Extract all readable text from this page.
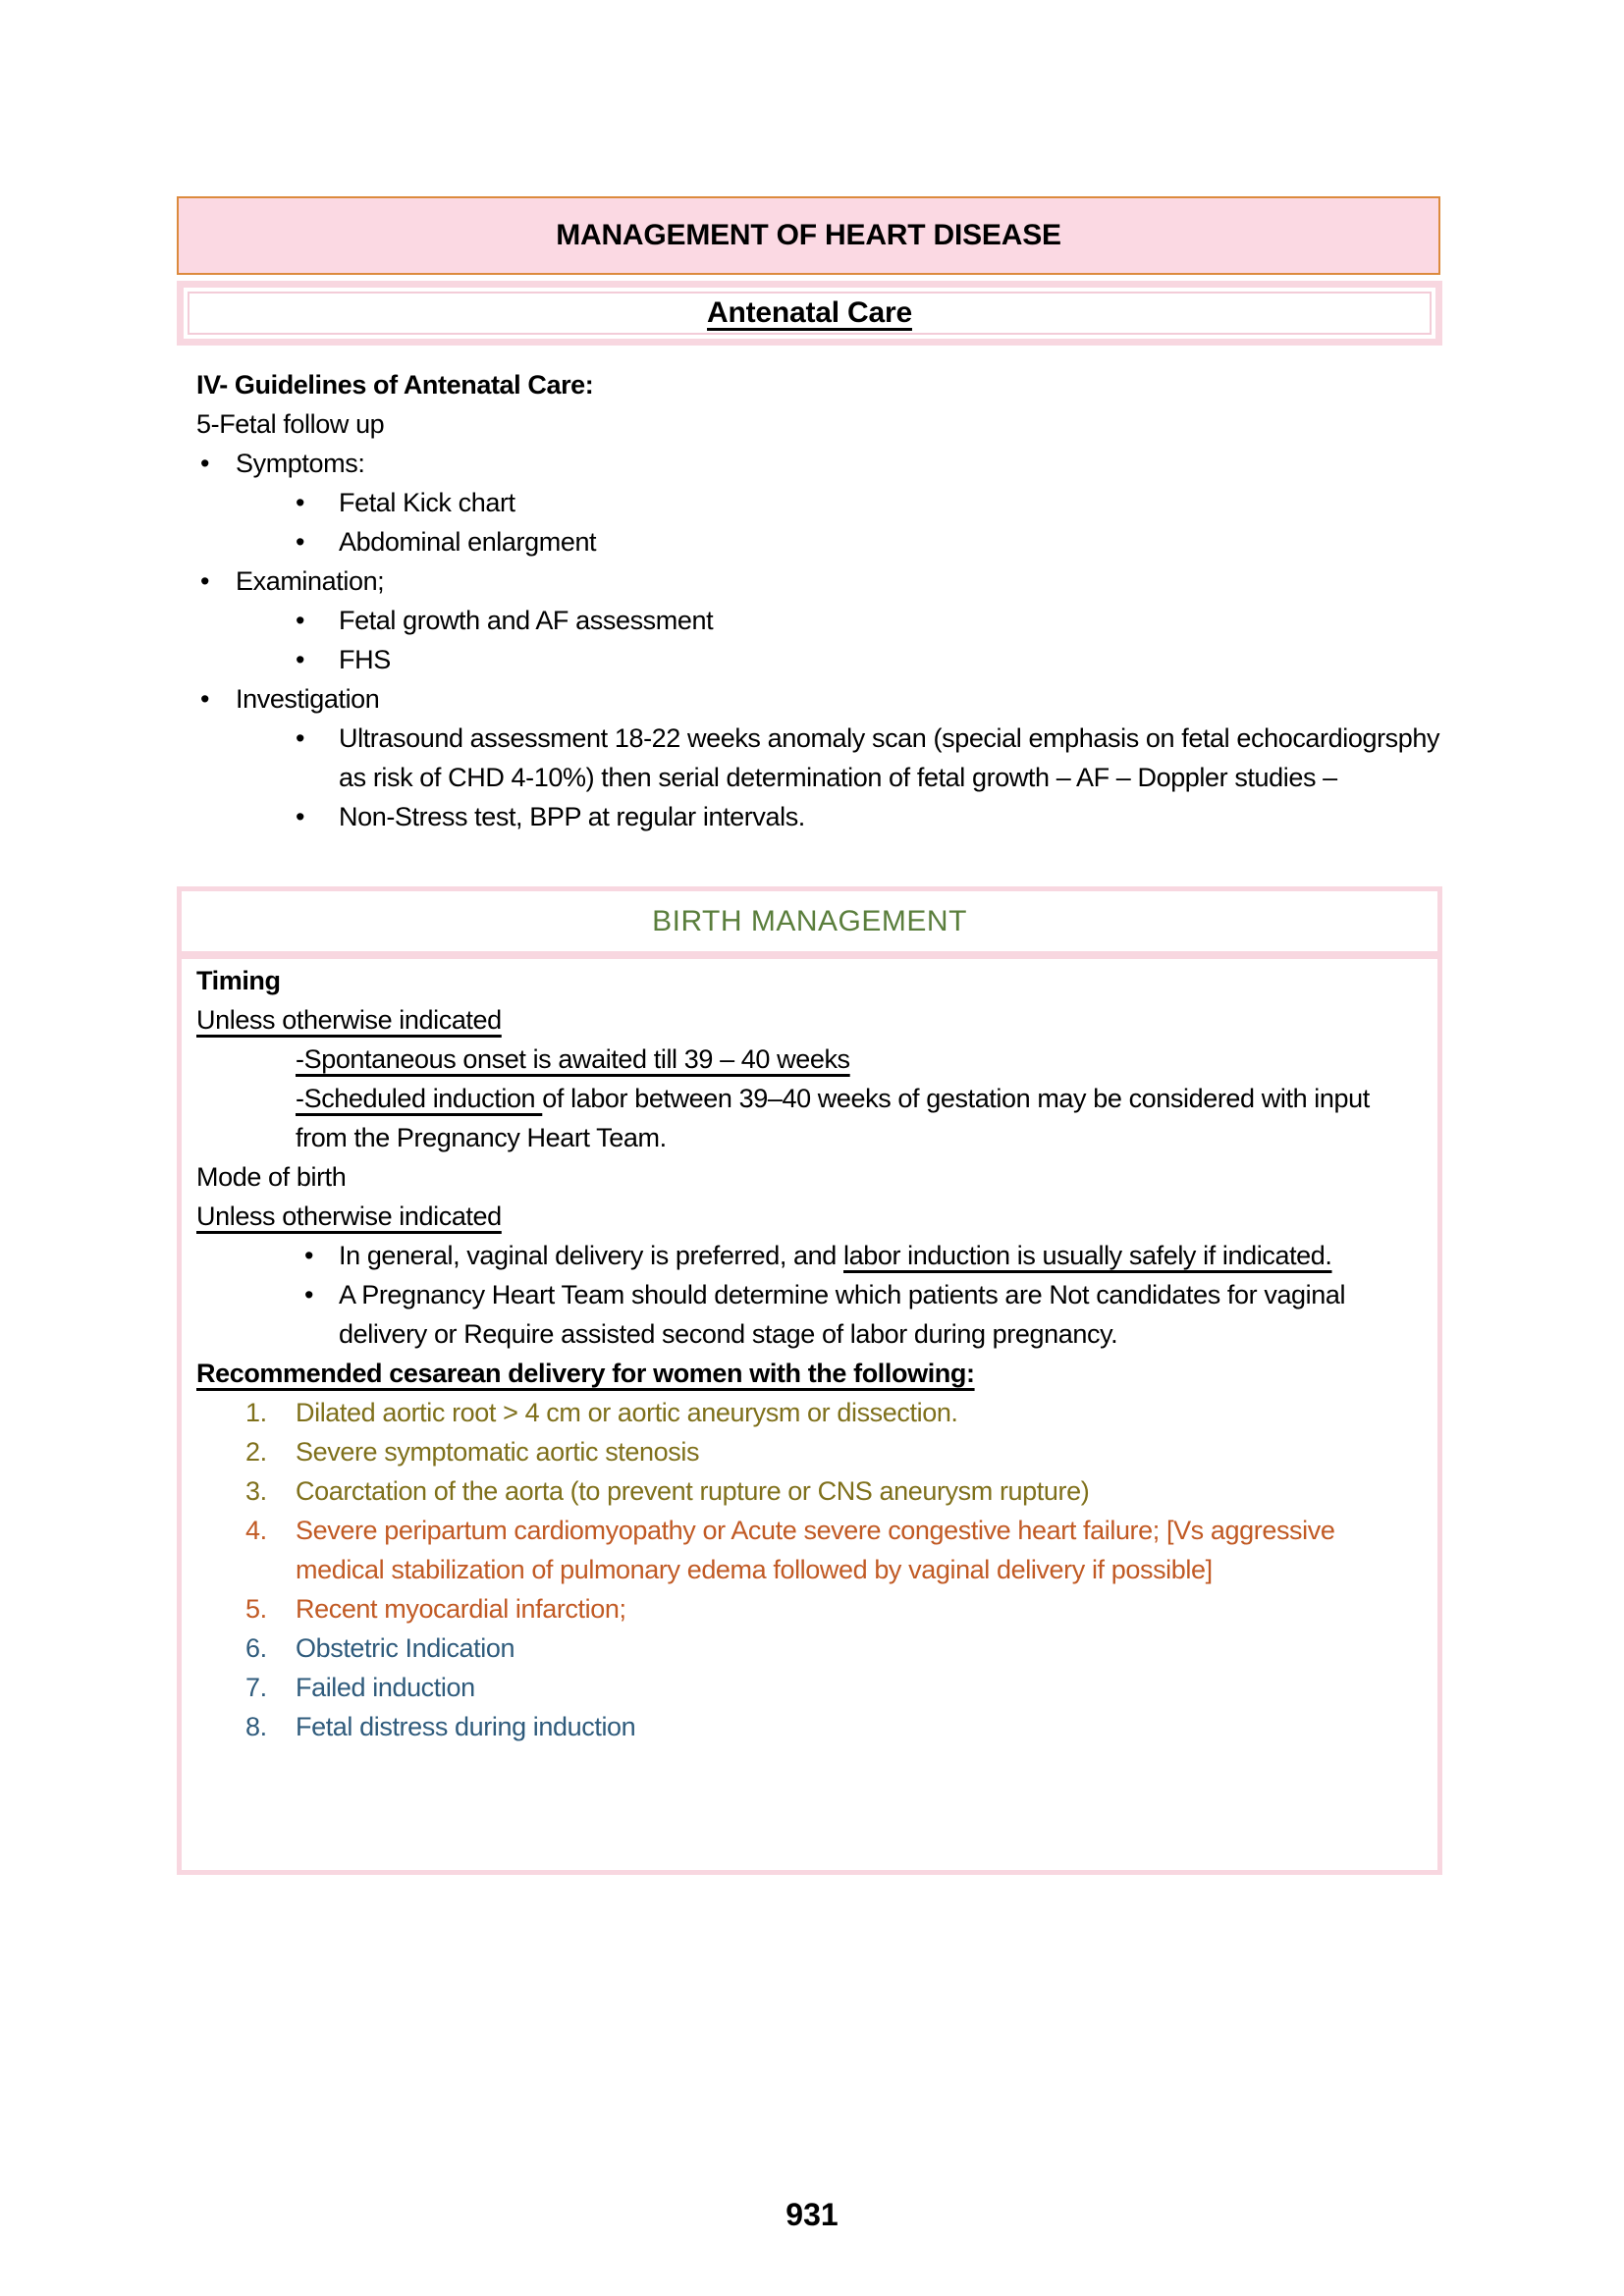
MANAGEMENT OF HEART DISEASE
Antenatal Care
IV- Guidelines of Antenatal Care:
5-Fetal follow up
• Symptoms:
•	Fetal Kick chart
•	Abdominal enlargment
• Examination;
•	Fetal growth and AF assessment
•	FHS
• Investigation
•	Ultrasound assessment 18-22 weeks anomaly scan (special emphasis on fetal echocardiogrsphy as risk of CHD 4-10%) then serial determination of fetal growth – AF – Doppler studies –
•	Non-Stress test, BPP at regular intervals.
BIRTH MANAGEMENT
Timing
Unless otherwise indicated
-Spontaneous onset is awaited till 39 – 40 weeks
-Scheduled induction of labor between 39–40 weeks of gestation may be considered with input from the Pregnancy Heart Team.
Mode of birth
Unless otherwise indicated
• In general, vaginal delivery is preferred, and labor induction is usually safely if indicated.
• A Pregnancy Heart Team should determine which patients are Not candidates for vaginal delivery or Require assisted second stage of labor during pregnancy.
Recommended cesarean delivery for women with the following:
1.	Dilated aortic root > 4 cm or aortic aneurysm or dissection.
2.	Severe symptomatic aortic stenosis
3.	Coarctation of the aorta (to prevent rupture or CNS aneurysm rupture)
4.	Severe peripartum cardiomyopathy or Acute severe congestive heart failure; [Vs aggressive medical stabilization of pulmonary edema followed by vaginal delivery if possible]
5.	Recent myocardial infarction;
6.	Obstetric Indication
7.	Failed induction
8.	Fetal distress during induction
931
